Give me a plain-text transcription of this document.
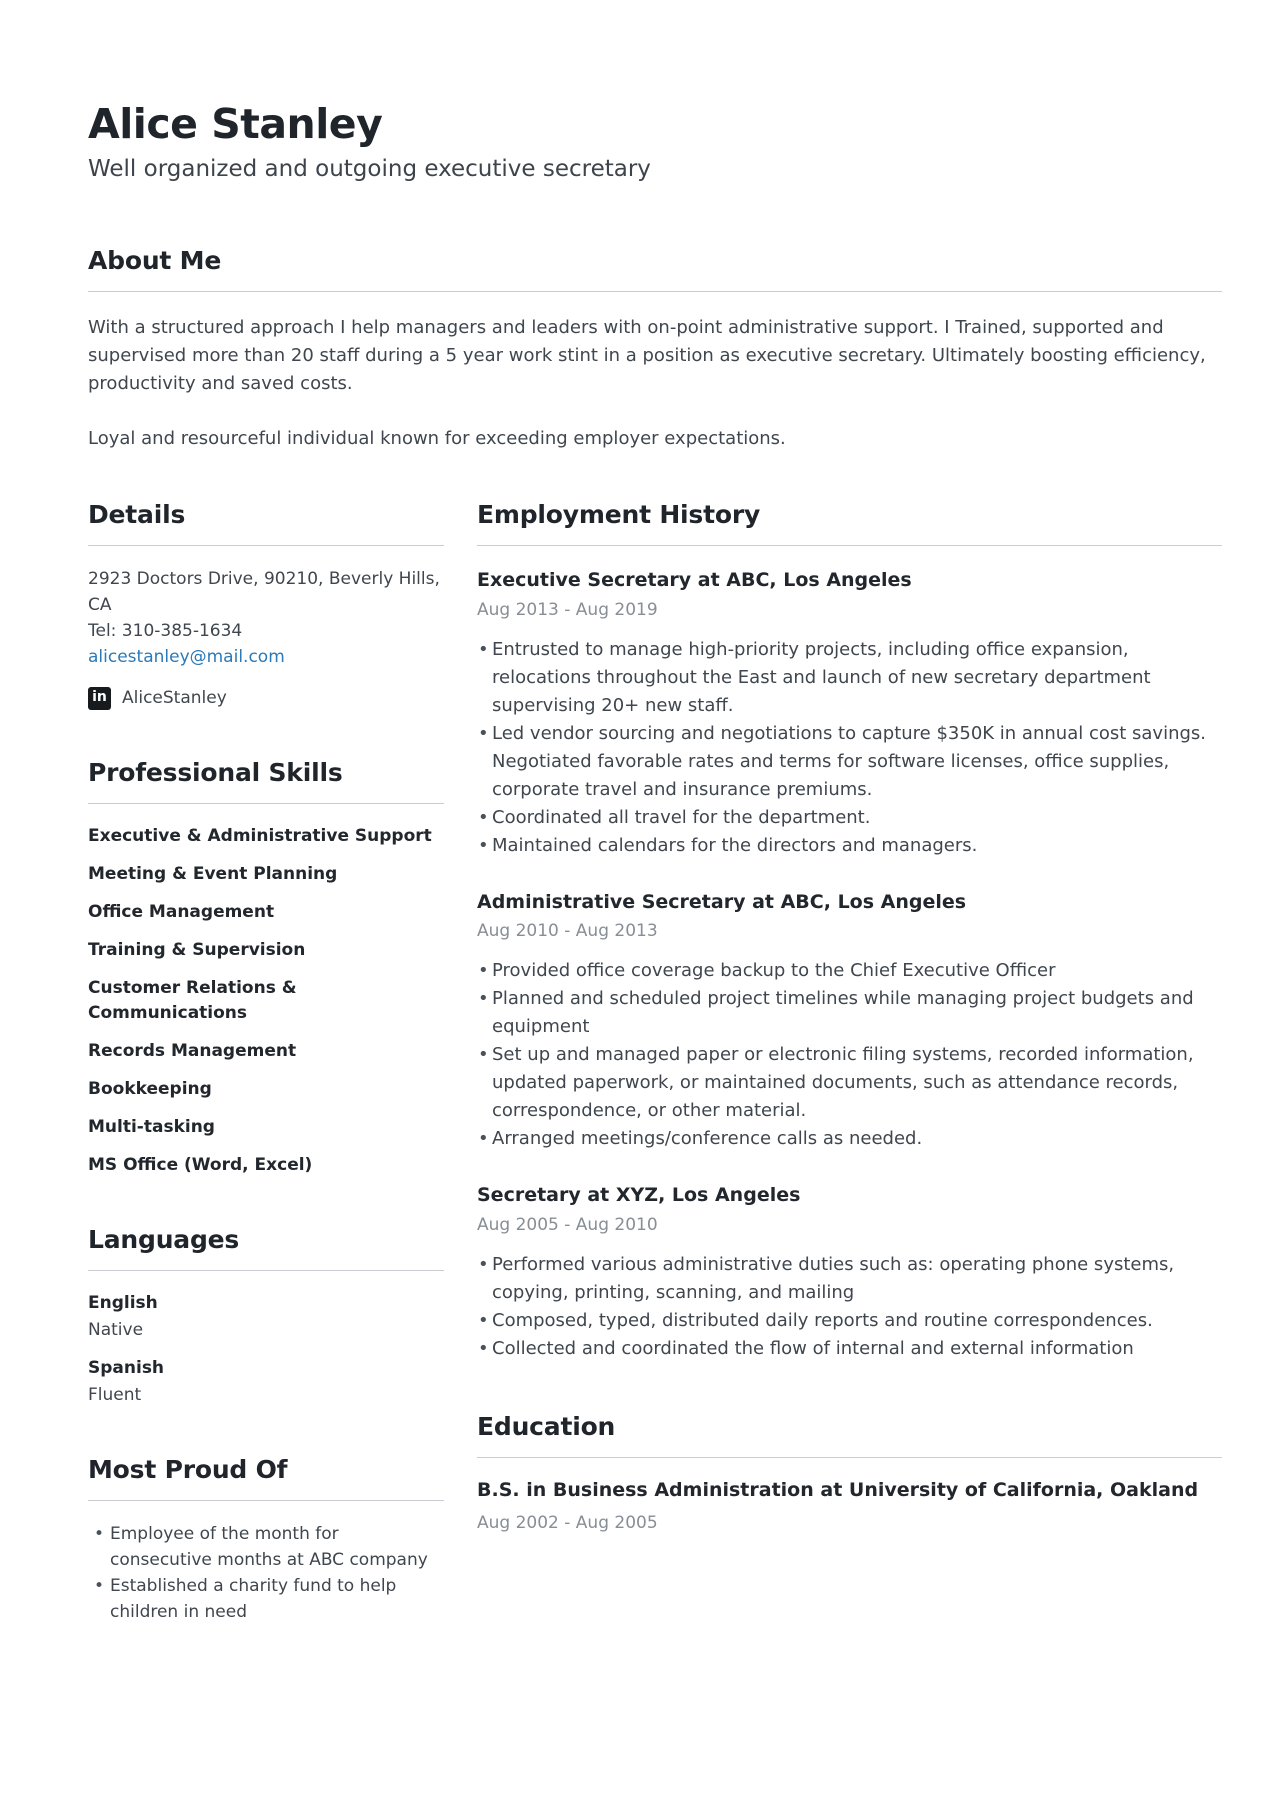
Alice Stanley
Well organized and outgoing executive secretary
About Me

With a structured approach I help managers and leaders with on-point administrative support. I Trained, supported and supervised more than 20 staff during a 5 year work stint in a position as executive secretary. Ultimately boosting efficiency, productivity and saved costs.

Loyal and resourceful individual known for exceeding employer expectations.

Details
2923 Doctors Drive, 90210, Beverly Hills, CA
Tel: 310-385-1634
alicestanley@mail.com
in AliceStanley
Professional Skills
Executive & Administrative Support
Meeting & Event Planning
Office Management
Training & Supervision
Customer Relations & Communications
Records Management
Bookkeeping
Multi-tasking
MS Office (Word, Excel)
Languages
English
Native
Spanish
Fluent
Most Proud Of
• Employee of the month for consecutive months at ABC company
• Established a charity fund to help children in need
Employment History
Executive Secretary at ABC, Los Angeles
Aug 2013 - Aug 2019
• Entrusted to manage high-priority projects, including office expansion, relocations throughout the East and launch of new secretary department supervising 20+ new staff.
• Led vendor sourcing and negotiations to capture $350K in annual cost savings. Negotiated favorable rates and terms for software licenses, office supplies, corporate travel and insurance premiums.
• Coordinated all travel for the department.
• Maintained calendars for the directors and managers.
Administrative Secretary at ABC, Los Angeles
Aug 2010 - Aug 2013
• Provided office coverage backup to the Chief Executive Officer
• Planned and scheduled project timelines while managing project budgets and equipment
• Set up and managed paper or electronic filing systems, recorded information, updated paperwork, or maintained documents, such as attendance records, correspondence, or other material.
• Arranged meetings/conference calls as needed.
Secretary at XYZ, Los Angeles
Aug 2005 - Aug 2010
• Performed various administrative duties such as: operating phone systems, copying, printing, scanning, and mailing
• Composed, typed, distributed daily reports and routine correspondences.
• Collected and coordinated the flow of internal and external information
Education
B.S. in Business Administration at University of California, Oakland
Aug 2002 - Aug 2005
